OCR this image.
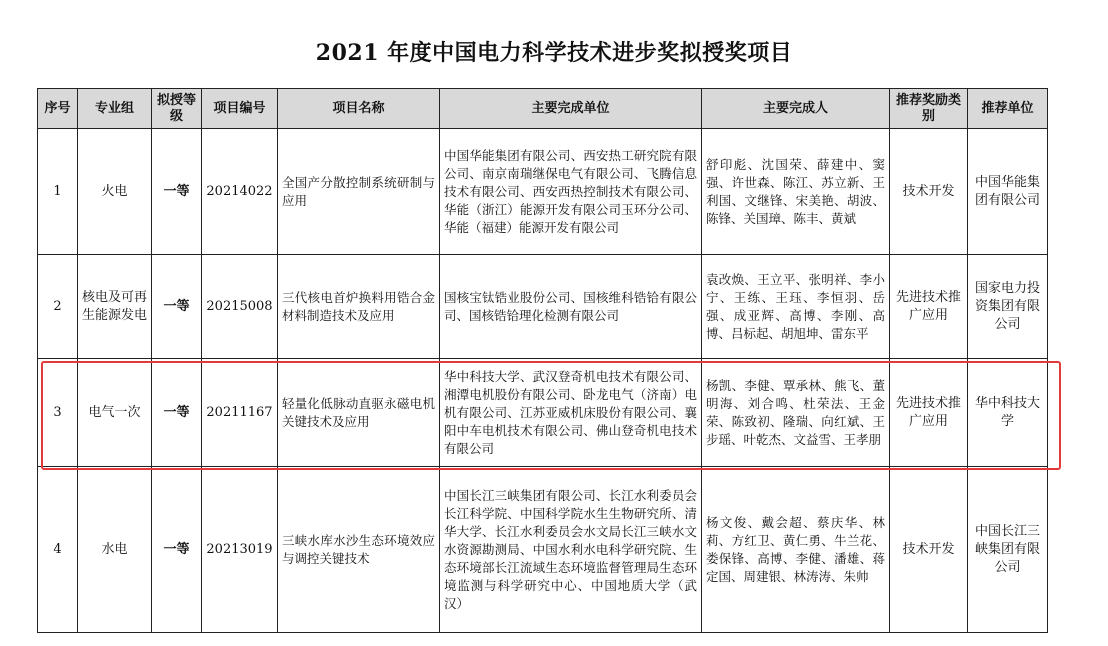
2021 年度中国电力科学技术进步奖拟授奖项目
序号	专业组	拟授等级	项目编号	项目名称	主要完成单位	主要完成人	推荐奖励类别	推荐单位
1	火电	一等	20214022	全国产分散控制系统研制与应用	中国华能集团有限公司、西安热工研究院有限公司、南京南瑞继保电气有限公司、飞腾信息技术有限公司、西安西热控制技术有限公司、华能（浙江）能源开发有限公司玉环分公司、华能（福建）能源开发有限公司	舒印彪、沈国荣、薛建中、窦强、许世森、陈江、苏立新、王利国、文继锋、宋美艳、胡波、陈锋、关国璋、陈丰、黄斌	技术开发	中国华能集团有限公司
2	核电及可再生能源发电	一等	20215008	三代核电首炉换料用锆合金材料制造技术及应用	国核宝钛锆业股份公司、国核维科锆铪有限公司、国核锆铪理化检测有限公司	袁改焕、王立平、张明祥、李小宁、王练、王珏、李恒羽、岳强、成亚辉、高博、李刚、高博、吕标起、胡旭坤、雷东平	先进技术推广应用	国家电力投资集团有限公司
3	电气一次	一等	20211167	轻量化低脉动直驱永磁电机关键技术及应用	华中科技大学、武汉登奇机电技术有限公司、湘潭电机股份有限公司、卧龙电气（济南）电机有限公司、江苏亚威机床股份有限公司、襄阳中车电机技术有限公司、佛山登奇机电技术有限公司	杨凯、李健、覃承林、熊飞、董明海、刘合鸣、杜荣法、王金荣、陈致初、隆瑞、向红斌、王步瑶、叶乾杰、文益雪、王孝朋	先进技术推广应用	华中科技大学
4	水电	一等	20213019	三峡水库水沙生态环境效应与调控关键技术	中国长江三峡集团有限公司、长江水利委员会长江科学院、中国科学院水生生物研究所、清华大学、长江水利委员会水文局长江三峡水文水资源勘测局、中国水利水电科学研究院、生态环境部长江流域生态环境监督管理局生态环境监测与科学研究中心、中国地质大学（武汉）	杨文俊、戴会超、蔡庆华、林莉、方红卫、黄仁勇、牛兰花、娄保锋、高博、李健、潘雄、蒋定国、周建银、林涛涛、朱帅	技术开发	中国长江三峡集团有限公司
